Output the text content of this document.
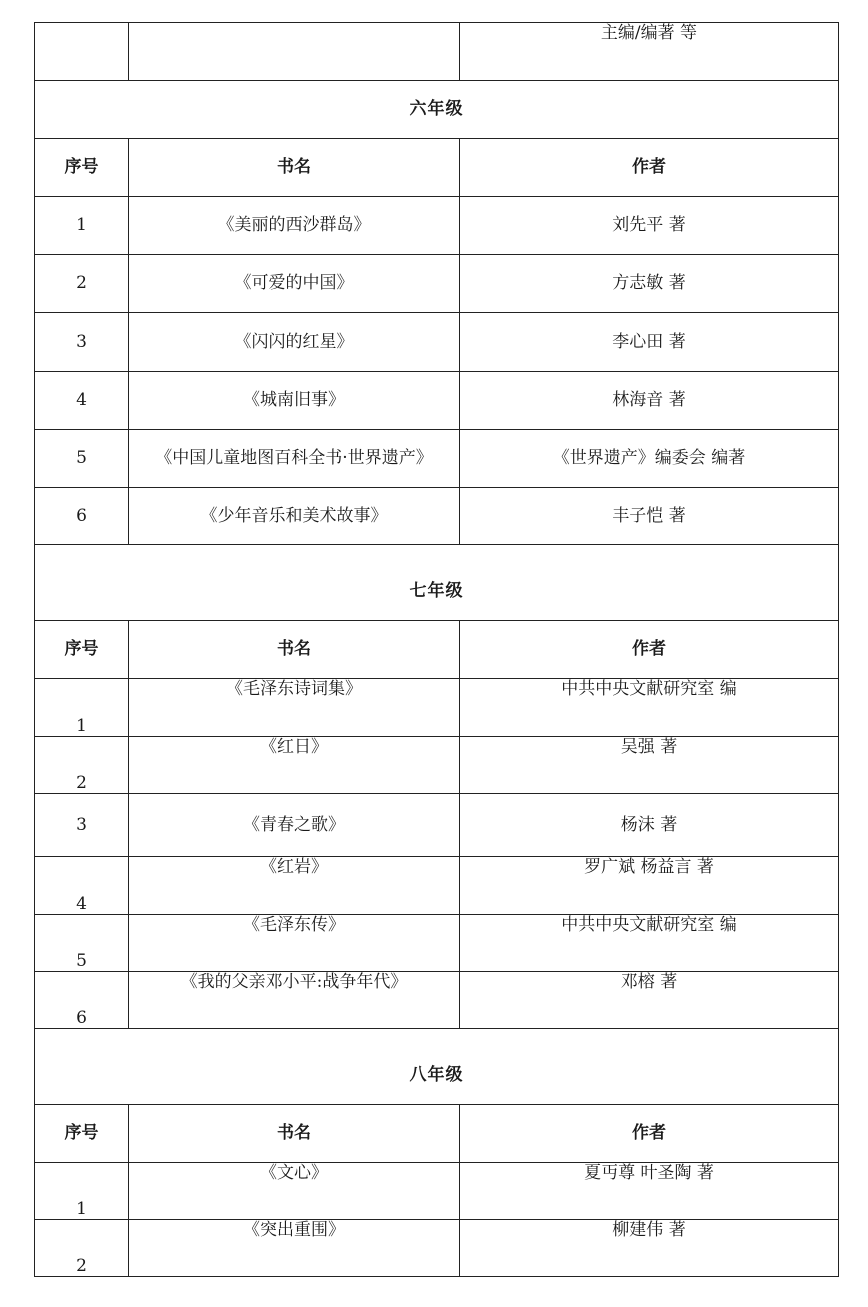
		主编/编著 等
六年级		
序号	书名	作者
1	《美丽的西沙群岛》	刘先平 著
2	《可爱的中国》	方志敏 著
3	《闪闪的红星》	李心田 著
4	《城南旧事》	林海音 著
5	《中国儿童地图百科全书·世界遗产》	《世界遗产》编委会 编著
6	《少年音乐和美术故事》	丰子恺 著
七年级		
序号	书名	作者
1	《毛泽东诗词集》	中共中央文献研究室 编
2	《红日》	吴强 著
3	《青春之歌》	杨沫 著
4	《红岩》	罗广斌 杨益言 著
5	《毛泽东传》	中共中央文献研究室 编
6	《我的父亲邓小平:战争年代》	邓榕 著
八年级		
序号	书名	作者
1	《文心》	夏丏尊 叶圣陶 著
2	《突出重围》	柳建伟 著
